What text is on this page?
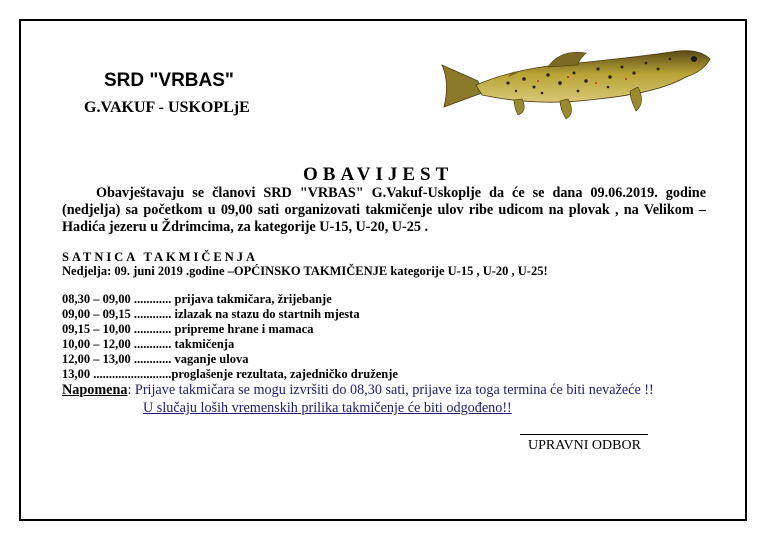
SRD "VRBAS"
G.VAKUF - USKOPLjE
OBAVIJEST
Obavještavaju se članovi SRD "VRBAS" G.Vakuf-Uskoplje da će se dana 09.06.2019. godine (nedjelja) sa početkom u 09,00 sati organizovati takmičenje ulov ribe udicom na plovak , na Velikom – Hadića jezeru u Ždrimcima, za kategorije U-15, U-20, U-25 .
SATNICA TAKMIČENJA
Nedjelja: 09. juni 2019 .godine –OPĆINSKO TAKMIČENJE kategorije U-15 , U-20 , U-25!
08,30 – 09,00 ............ prijava takmičara, žrijebanje
09,00 – 09,15 ............ izlazak na stazu do startnih mjesta
09,15 – 10,00 ............ pripreme hrane i mamaca
10,00 – 12,00 ............ takmičenja
12,00 – 13,00 ............ vaganje ulova
13,00 .........................proglašenje rezultata, zajedničko druženje
Napomena: Prijave takmičara se mogu izvršiti do 08,30 sati, prijave iza toga termina će biti nevažeće !!
U slučaju loših vremenskih prilika takmičenje će biti odgođeno!!
UPRAVNI ODBOR
